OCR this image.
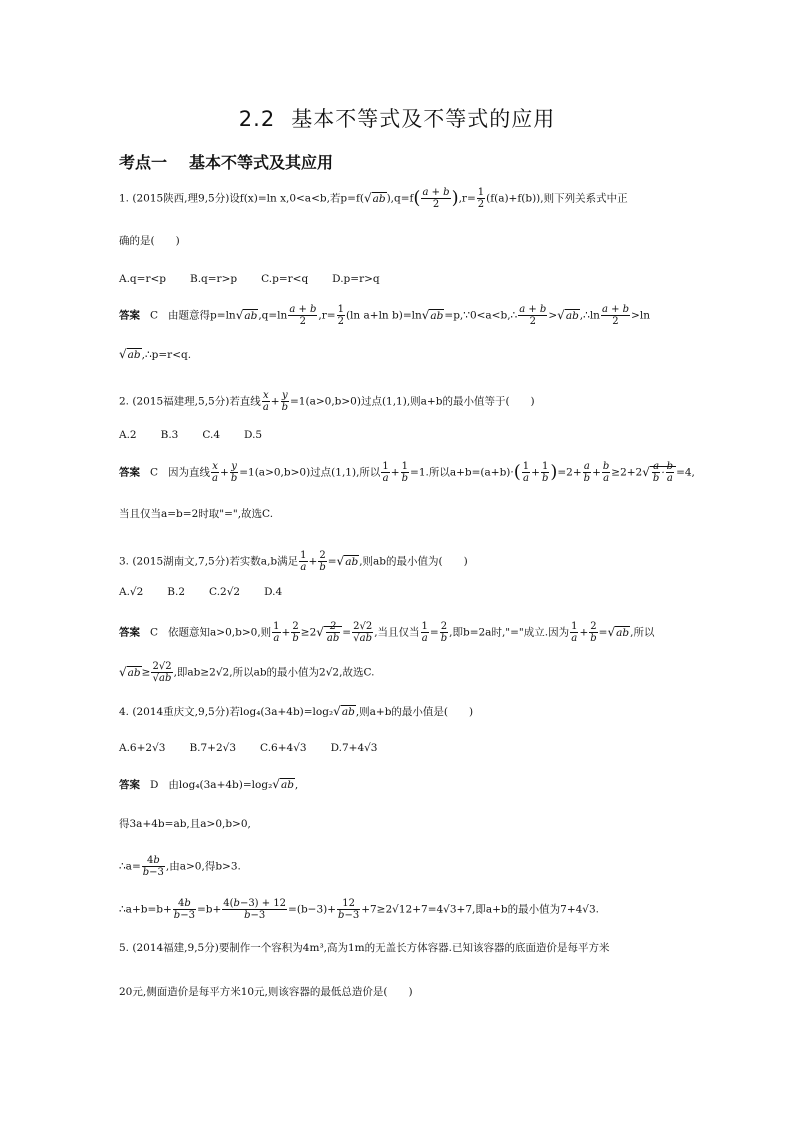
2.2 基本不等式及不等式的应用
考点一 基本不等式及其应用
1. (2015陕西,理9,5分)设f(x)=ln x,0<a<b,若$p=f(√ab),q=f( \frac{a + b}{2} ),r= \frac{1}{2} (f(a)+f(b))$,则下列关系式中正
确的是(　　)
A.q=r<p B.q=r>p C.p=r<q D.p=r>q
答案 C 由题意得$p=\ln√ab,q=\ln \frac{a + b}{2} ,r= \frac{1}{2} (\ln$ a+ln b)=ln√ab=p,∵0<a<b,∴ $\frac{a + b}{2}$ >√ab,∴ln $\frac{a + b}{2} >\ln$
√ab,∴p=r<q.
2. (2015福建理,5,5分)若直线 $\frac{x}{a} + \frac{y}{b} =1(a>0,b>0)$过点(1,1),则a+b的最小值等于(　　)
A.2 B.3 C.4 D.5
答案 C 因为直线 $\frac{x}{a} + \frac{y}{b} =1(a>0,b>0)$过点(1,1),所以 $\frac{1}{a} + \frac{1}{b} =1$.所以$a+b=(a+b)\cdot( \frac{1}{a} + \frac{1}{b} )=2+ \frac{a}{b} + \frac{b}{a} \ge 2+2√ \frac{a}{b} \cdot \frac{b}{a} =4$,
当且仅当a=b=2时取"=",故选C.
3. (2015湖南文,7,5分)若实数a,b满足 $\frac{1}{a} + \frac{2}{b} =√ab$,则ab的最小值为(　　)
A.√2 B.2 C.2√2 D.4
答案 C 依题意知a>0,b>0,则 $\frac{1}{a} + \frac{2}{b} \ge 2√ \frac{2}{ab} = \frac{2√2}{√ab}$ ,当且仅当 $\frac{1}{a} = \frac{2}{b}$ ,即b=2a时,"="成立.因为 $\frac{1}{a} + \frac{2}{b} =√ab$,所以
$√ab\ge \frac{2√2}{√ab}$ ,即ab≥2√2,所以ab的最小值为2√2,故选C.
4. (2014重庆文,9,5分)若log₄(3a+4b)=log₂√ab,则a+b的最小值是(　　)
A.6+2√3 B.7+2√3 C.6+4√3 D.7+4√3
答案 D 由log₄(3a+4b)=log₂√ab,
得3a+4b=ab,且a>0,b>0,
∴a= $\frac{4b}{b-3}$ ,由a>0,得b>3.
∴a+b=b+ $\frac{4b}{b-3} =b+ \frac{4(b-3) + 12}{b-3} =(b-3)+ \frac{12}{b-3} +7\ge 2√12+7=4√3+7$,即a+b的最小值为7+4√3.
5. (2014福建,9,5分)要制作一个容积为4m³,高为1m的无盖长方体容器.已知该容器的底面造价是每平方米
20元,侧面造价是每平方米10元,则该容器的最低总造价是(　　)
